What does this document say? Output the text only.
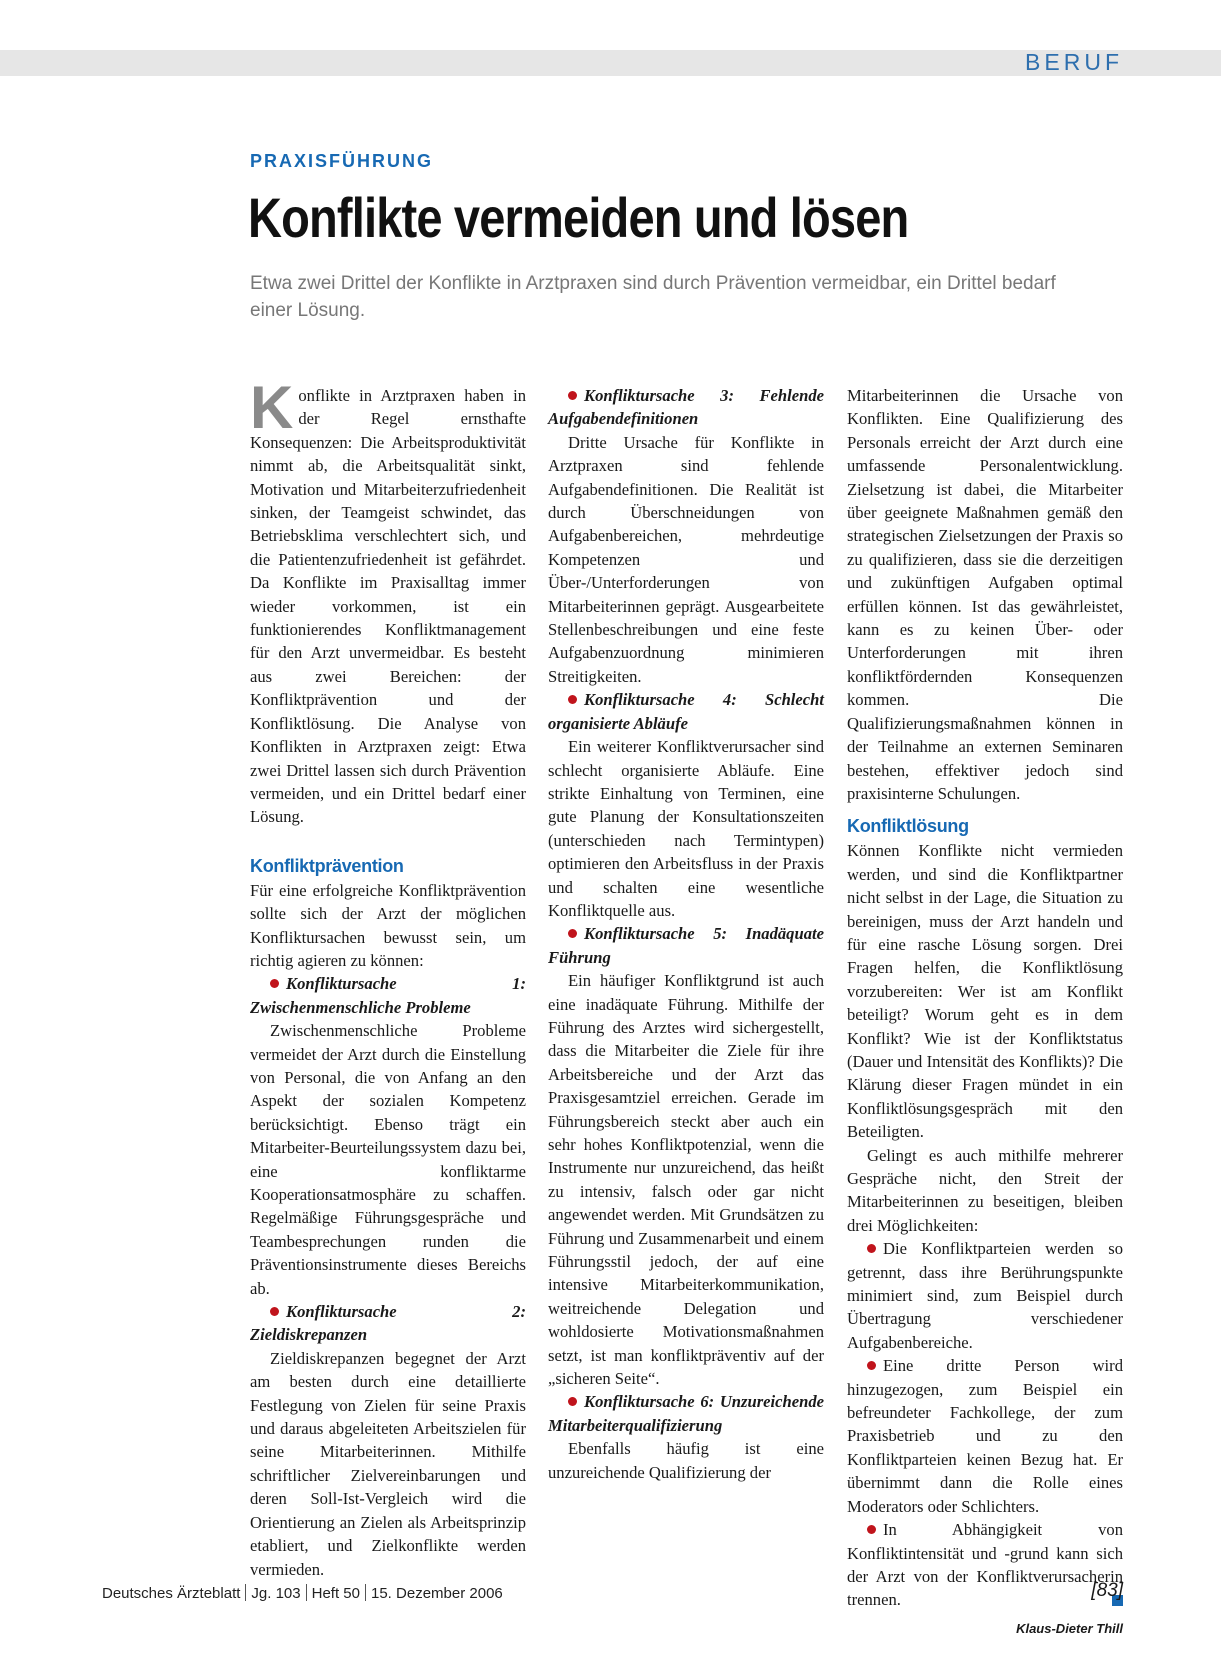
BERUF
PRAXISFÜHRUNG
Konflikte vermeiden und lösen
Etwa zwei Drittel der Konflikte in Arztpraxen sind durch Prävention vermeidbar, ein Drittel bedarf einer Lösung.

Konflikte in Arztpraxen haben in der Regel ernsthafte Konsequenzen: Die Arbeitsproduktivität nimmt ab, die Arbeitsqualität sinkt, Motivation und Mitarbeiterzufriedenheit sinken, der Teamgeist schwindet, das Betriebsklima verschlechtert sich, und die Patientenzufriedenheit ist gefährdet. Da Konflikte im Praxisalltag immer wieder vorkommen, ist ein funktionierendes Konfliktmanagement für den Arzt unvermeidbar. Es besteht aus zwei Bereichen: der Konfliktprävention und der Konfliktlösung. Die Analyse von Konflikten in Arztpraxen zeigt: Etwa zwei Drittel lassen sich durch Prävention vermeiden, und ein Drittel bedarf einer Lösung.

Konfliktprävention

Für eine erfolgreiche Konfliktprävention sollte sich der Arzt der möglichen Konfliktursachen bewusst sein, um richtig agieren zu können:

Konfliktursache 1: Zwischenmenschliche Probleme

Zwischenmenschliche Probleme vermeidet der Arzt durch die Einstellung von Personal, die von Anfang an den Aspekt der sozialen Kompetenz berücksichtigt. Ebenso trägt ein Mitarbeiter-Beurteilungssystem dazu bei, eine konfliktarme Kooperationsatmosphäre zu schaffen. Regelmäßige Führungsgespräche und Teambesprechungen runden die Präventionsinstrumente dieses Bereichs ab.

Konfliktursache 2: Zieldiskrepanzen

Zieldiskrepanzen begegnet der Arzt am besten durch eine detaillierte Festlegung von Zielen für seine Praxis und daraus abgeleiteten Arbeitszielen für seine Mitarbeiterinnen. Mithilfe schriftlicher Zielvereinbarungen und deren Soll-Ist-Vergleich wird die Orientierung an Zielen als Arbeitsprinzip etabliert, und Zielkonflikte werden vermieden.

Konfliktursache 3: Fehlende Aufgabendefinitionen

Dritte Ursache für Konflikte in Arztpraxen sind fehlende Aufgabendefinitionen. Die Realität ist durch Überschneidungen von Aufgabenbereichen, mehrdeutige Kompetenzen und Über-/Unterforderungen von Mitarbeiterinnen geprägt. Ausgearbeitete Stellenbeschreibungen und eine feste Aufgabenzuordnung minimieren Streitigkeiten.

Konfliktursache 4: Schlecht organisierte Abläufe

Ein weiterer Konfliktverursacher sind schlecht organisierte Abläufe. Eine strikte Einhaltung von Terminen, eine gute Planung der Konsultationszeiten (unterschieden nach Termintypen) optimieren den Arbeitsfluss in der Praxis und schalten eine wesentliche Konfliktquelle aus.

Konfliktursache 5: Inadäquate Führung

Ein häufiger Konfliktgrund ist auch eine inadäquate Führung. Mithilfe der Führung des Arztes wird sichergestellt, dass die Mitarbeiter die Ziele für ihre Arbeitsbereiche und der Arzt das Praxisgesamtziel erreichen. Gerade im Führungsbereich steckt aber auch ein sehr hohes Konfliktpotenzial, wenn die Instrumente nur unzureichend, das heißt zu intensiv, falsch oder gar nicht angewendet werden. Mit Grundsätzen zu Führung und Zusammenarbeit und einem Führungsstil jedoch, der auf eine intensive Mitarbeiterkommunikation, weitreichende Delegation und wohldosierte Motivationsmaßnahmen setzt, ist man konfliktpräventiv auf der „sicheren Seite“.

Konfliktursache 6: Unzureichende Mitarbeiterqualifizierung

Ebenfalls häufig ist eine unzureichende Qualifizierung der

Mitarbeiterinnen die Ursache von Konflikten. Eine Qualifizierung des Personals erreicht der Arzt durch eine umfassende Personalentwicklung. Zielsetzung ist dabei, die Mitarbeiter über geeignete Maßnahmen gemäß den strategischen Zielsetzungen der Praxis so zu qualifizieren, dass sie die derzeitigen und zukünftigen Aufgaben optimal erfüllen können. Ist das gewährleistet, kann es zu keinen Über- oder Unterforderungen mit ihren konfliktfördernden Konsequenzen kommen. Die Qualifizierungsmaßnahmen können in der Teilnahme an externen Seminaren bestehen, effektiver jedoch sind praxisinterne Schulungen.

Konfliktlösung

Können Konflikte nicht vermieden werden, und sind die Konfliktpartner nicht selbst in der Lage, die Situation zu bereinigen, muss der Arzt handeln und für eine rasche Lösung sorgen. Drei Fragen helfen, die Konfliktlösung vorzubereiten: Wer ist am Konflikt beteiligt? Worum geht es in dem Konflikt? Wie ist der Konfliktstatus (Dauer und Intensität des Konflikts)? Die Klärung dieser Fragen mündet in ein Konfliktlösungsgespräch mit den Beteiligten.

Gelingt es auch mithilfe mehrerer Gespräche nicht, den Streit der Mitarbeiterinnen zu beseitigen, bleiben drei Möglichkeiten:

Die Konfliktparteien werden so getrennt, dass ihre Berührungspunkte minimiert sind, zum Beispiel durch Übertragung verschiedener Aufgabenbereiche.

Eine dritte Person wird hinzugezogen, zum Beispiel ein befreundeter Fachkollege, der zum Praxisbetrieb und zu den Konfliktparteien keinen Bezug hat. Er übernimmt dann die Rolle eines Moderators oder Schlichters.

In Abhängigkeit von Konfliktintensität und -grund kann sich der Arzt von der Konfliktverursacherin trennen.

Klaus-Dieter Thill
Deutsches Ärzteblatt Jg. 103 Heft 50 15. Dezember 2006	[83]
